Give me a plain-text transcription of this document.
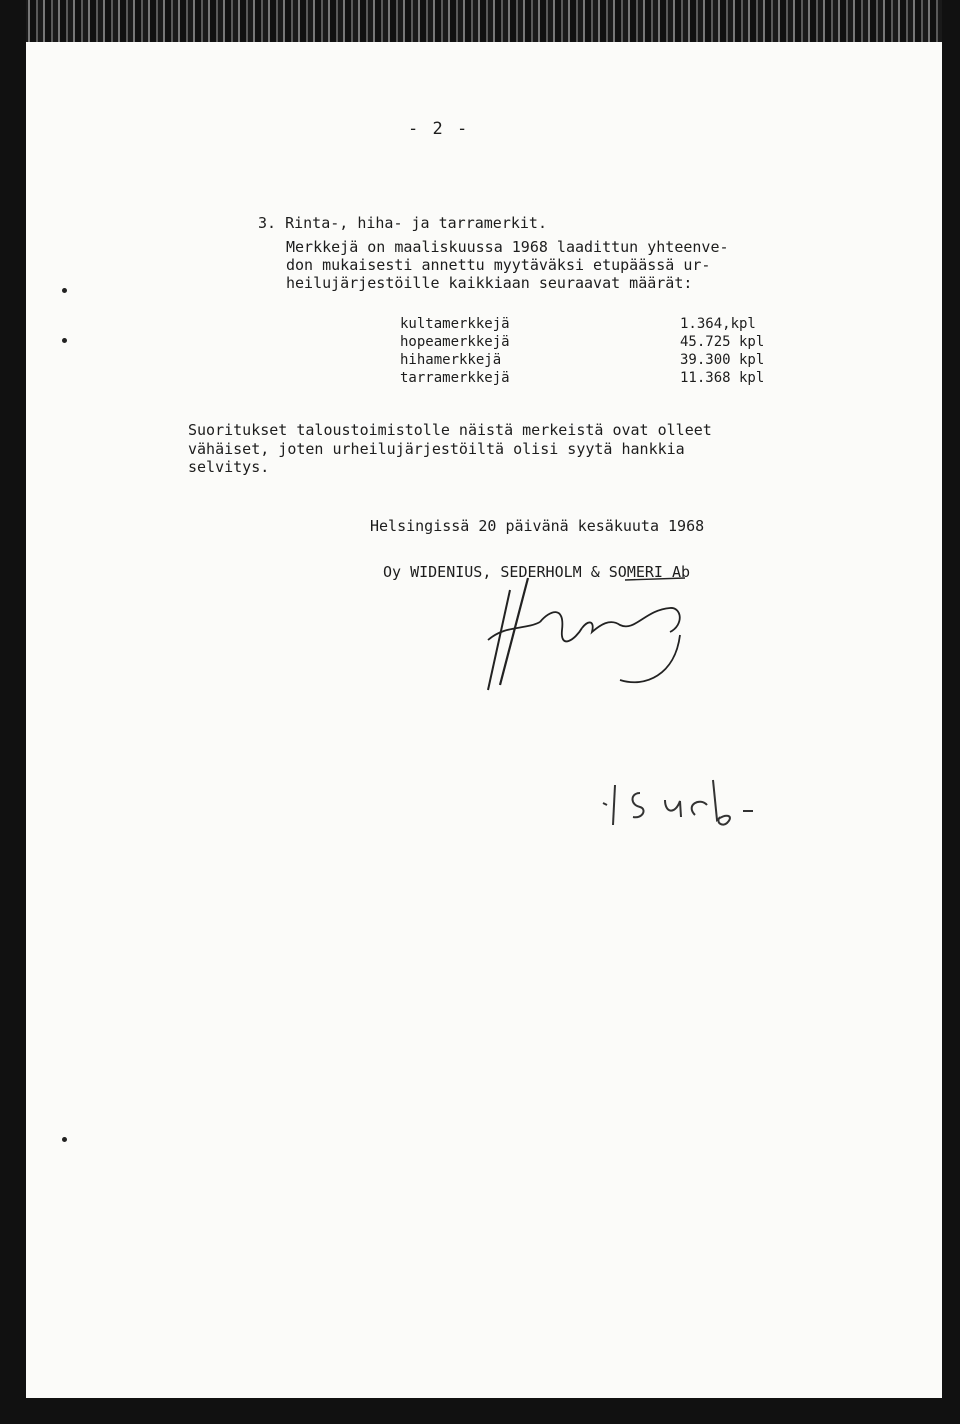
- 2 -
3. Rinta-, hiha- ja tarramerkit.
Merkkejä on maaliskuussa 1968 laadittun yhteenve-
don mukaisesti annettu myytäväksi etupäässä ur-
heilujärjestöille kaikkiaan seuraavat määrät:
kultamerkkejä	1.364,kpl
hopeamerkkejä	45.725 kpl
hihamerkkejä	39.300 kpl
tarramerkkejä	11.368 kpl
Suoritukset taloustoimistolle näistä merkeistä ovat olleet
vähäiset, joten urheilujärjestöiltä olisi syytä hankkia
selvitys.
Helsingissä 20 päivänä kesäkuuta 1968
Oy WIDENIUS, SEDERHOLM & SOMERI Ab
